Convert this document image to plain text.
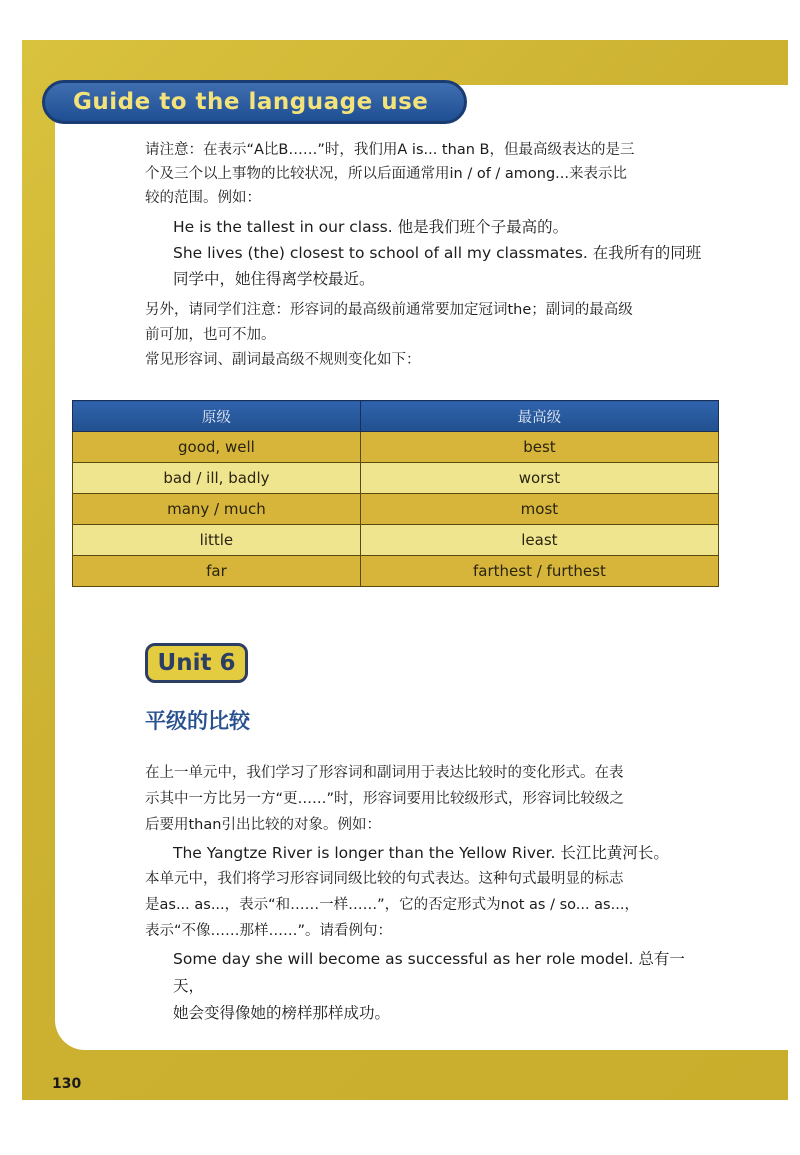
Guide to the language use
请注意：在表示“A比B……”时，我们用A is... than B，但最高级表达的是三
个及三个以上事物的比较状况，所以后面通常用in / of / among...来表示比
较的范围。例如：
He is the tallest in our class. 他是我们班个子最高的。
She lives (the) closest to school of all my classmates. 在我所有的同班
同学中，她住得离学校最近。
另外，请同学们注意：形容词的最高级前通常要加定冠词the；副词的最高级
前可加，也可不加。
常见形容词、副词最高级不规则变化如下：
原级	最高级
good, well	best
bad / ill, badly	worst
many / much	most
little	least
far	farthest / furthest
Unit 6
平级的比较
在上一单元中，我们学习了形容词和副词用于表达比较时的变化形式。在表
示其中一方比另一方“更……”时，形容词要用比较级形式，形容词比较级之
后要用than引出比较的对象。例如：
The Yangtze River is longer than the Yellow River. 长江比黄河长。
本单元中，我们将学习形容词同级比较的句式表达。这种句式最明显的标志
是as... as...，表示“和……一样……”，它的否定形式为not as / so... as...，
表示“不像……那样……”。请看例句：
Some day she will become as successful as her role model. 总有一天，
她会变得像她的榜样那样成功。
130
